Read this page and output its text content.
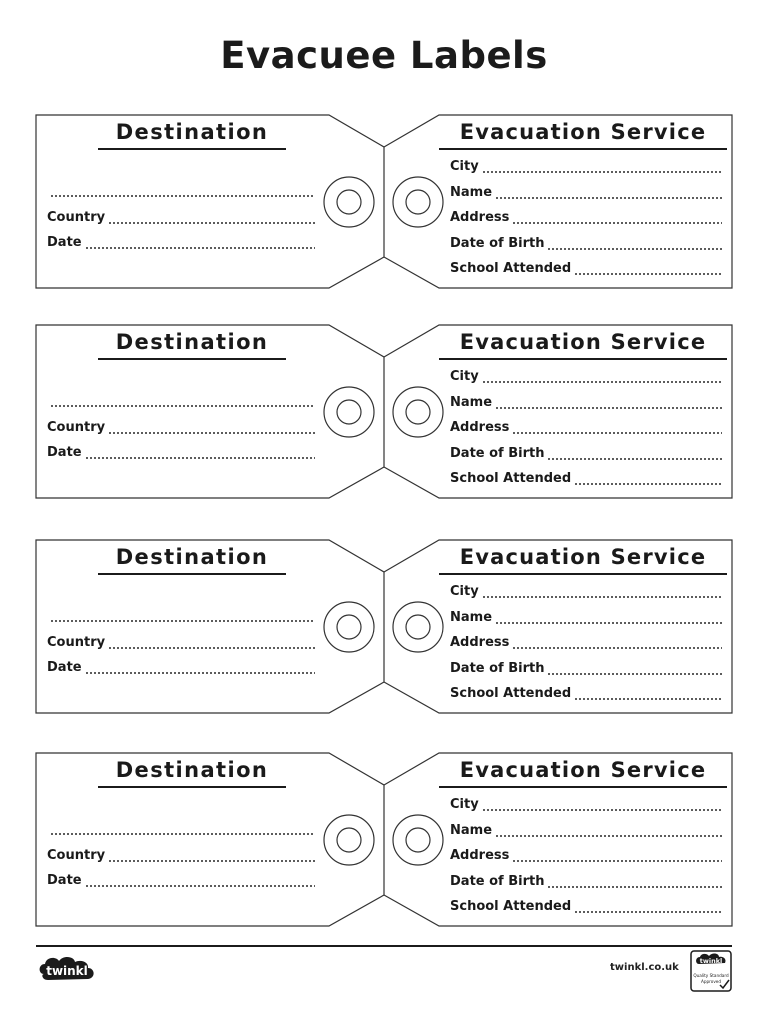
Evacuee Labels
Destination
Country
Date
Evacuation Service
City
Name
Address
Date of Birth
School Attended
Destination
Country
Date
Evacuation Service
City
Name
Address
Date of Birth
School Attended
Destination
Country
Date
Evacuation Service
City
Name
Address
Date of Birth
School Attended
Destination
Country
Date
Evacuation Service
City
Name
Address
Date of Birth
School Attended
twinkl	twinkl.co.uk
twinkl
Quality Standard
Approved
